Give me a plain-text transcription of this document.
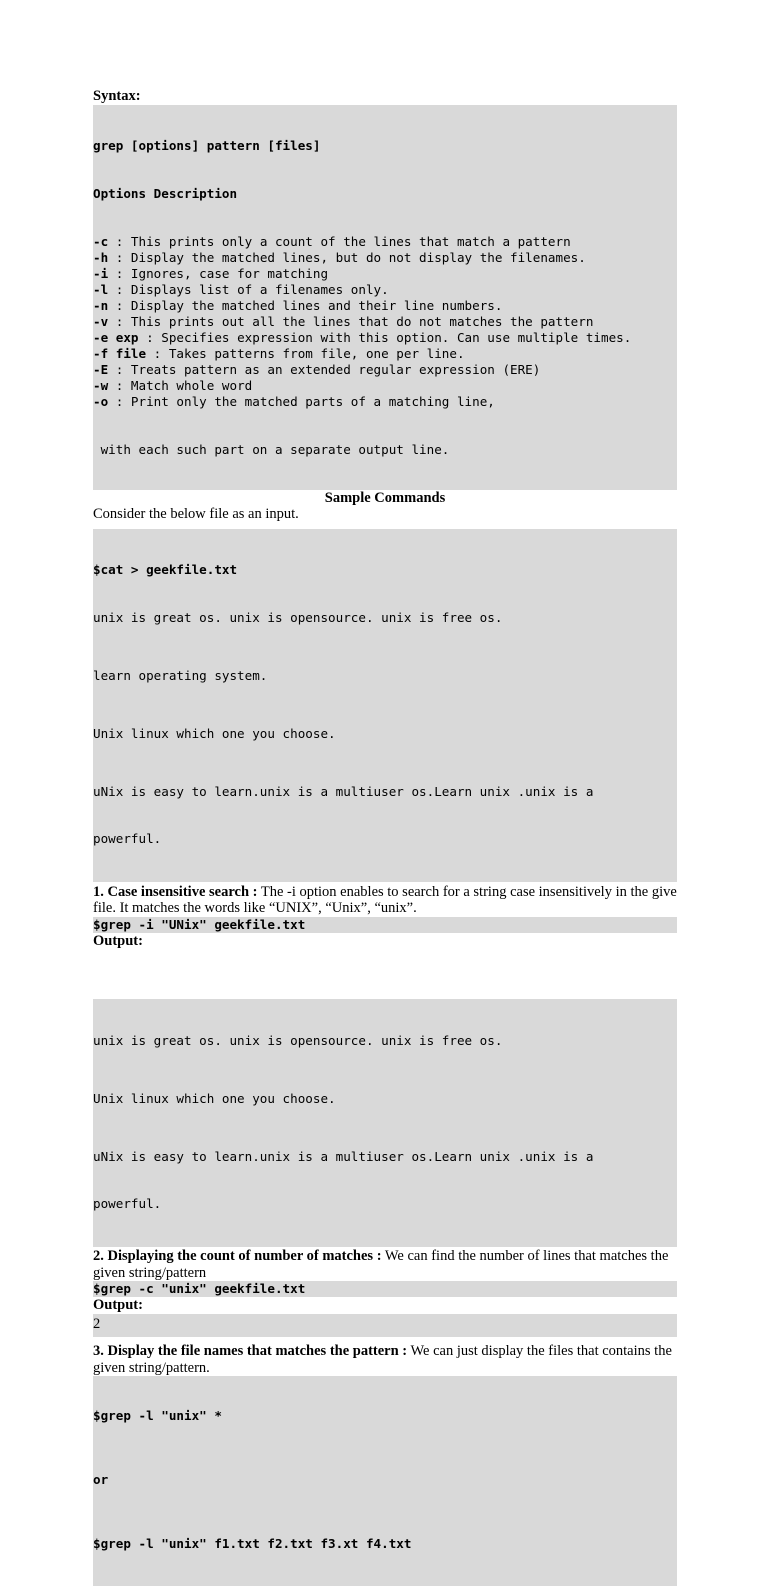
Syntax:

grep [options] pattern [files]

Options Description

-c : This prints only a count of the lines that match a pattern
-h : Display the matched lines, but do not display the filenames.
-i : Ignores, case for matching
-l : Displays list of a filenames only.
-n : Display the matched lines and their line numbers.
-v : This prints out all the lines that do not matches the pattern
-e exp : Specifies expression with this option. Can use multiple times.
-f file : Takes patterns from file, one per line.
-E : Treats pattern as an extended regular expression (ERE)
-w : Match whole word
-o : Print only the matched parts of a matching line,

with each such part on a separate output line.

Sample Commands
Consider the below file as an input.

$cat > geekfile.txt

unix is great os. unix is opensource. unix is free os.

learn operating system.

Unix linux which one you choose.

uNix is easy to learn.unix is a multiuser os.Learn unix .unix is a

powerful.

1. Case insensitive search : The -i option enables to search for a string case insensitively in the give file. It matches the words like “UNIX”, “Unix”, “unix”.

$grep -i "UNix" geekfile.txt
Output:

unix is great os. unix is opensource. unix is free os.

Unix linux which one you choose.

uNix is easy to learn.unix is a multiuser os.Learn unix .unix is a

powerful.

2. Displaying the count of number of matches : We can find the number of lines that matches the given string/pattern

$grep -c "unix" geekfile.txt
Output:
2

3. Display the file names that matches the pattern : We can just display the files that contains the given string/pattern.

$grep -l "unix" *

or

$grep -l "unix" f1.txt f2.txt f3.xt f4.txt
